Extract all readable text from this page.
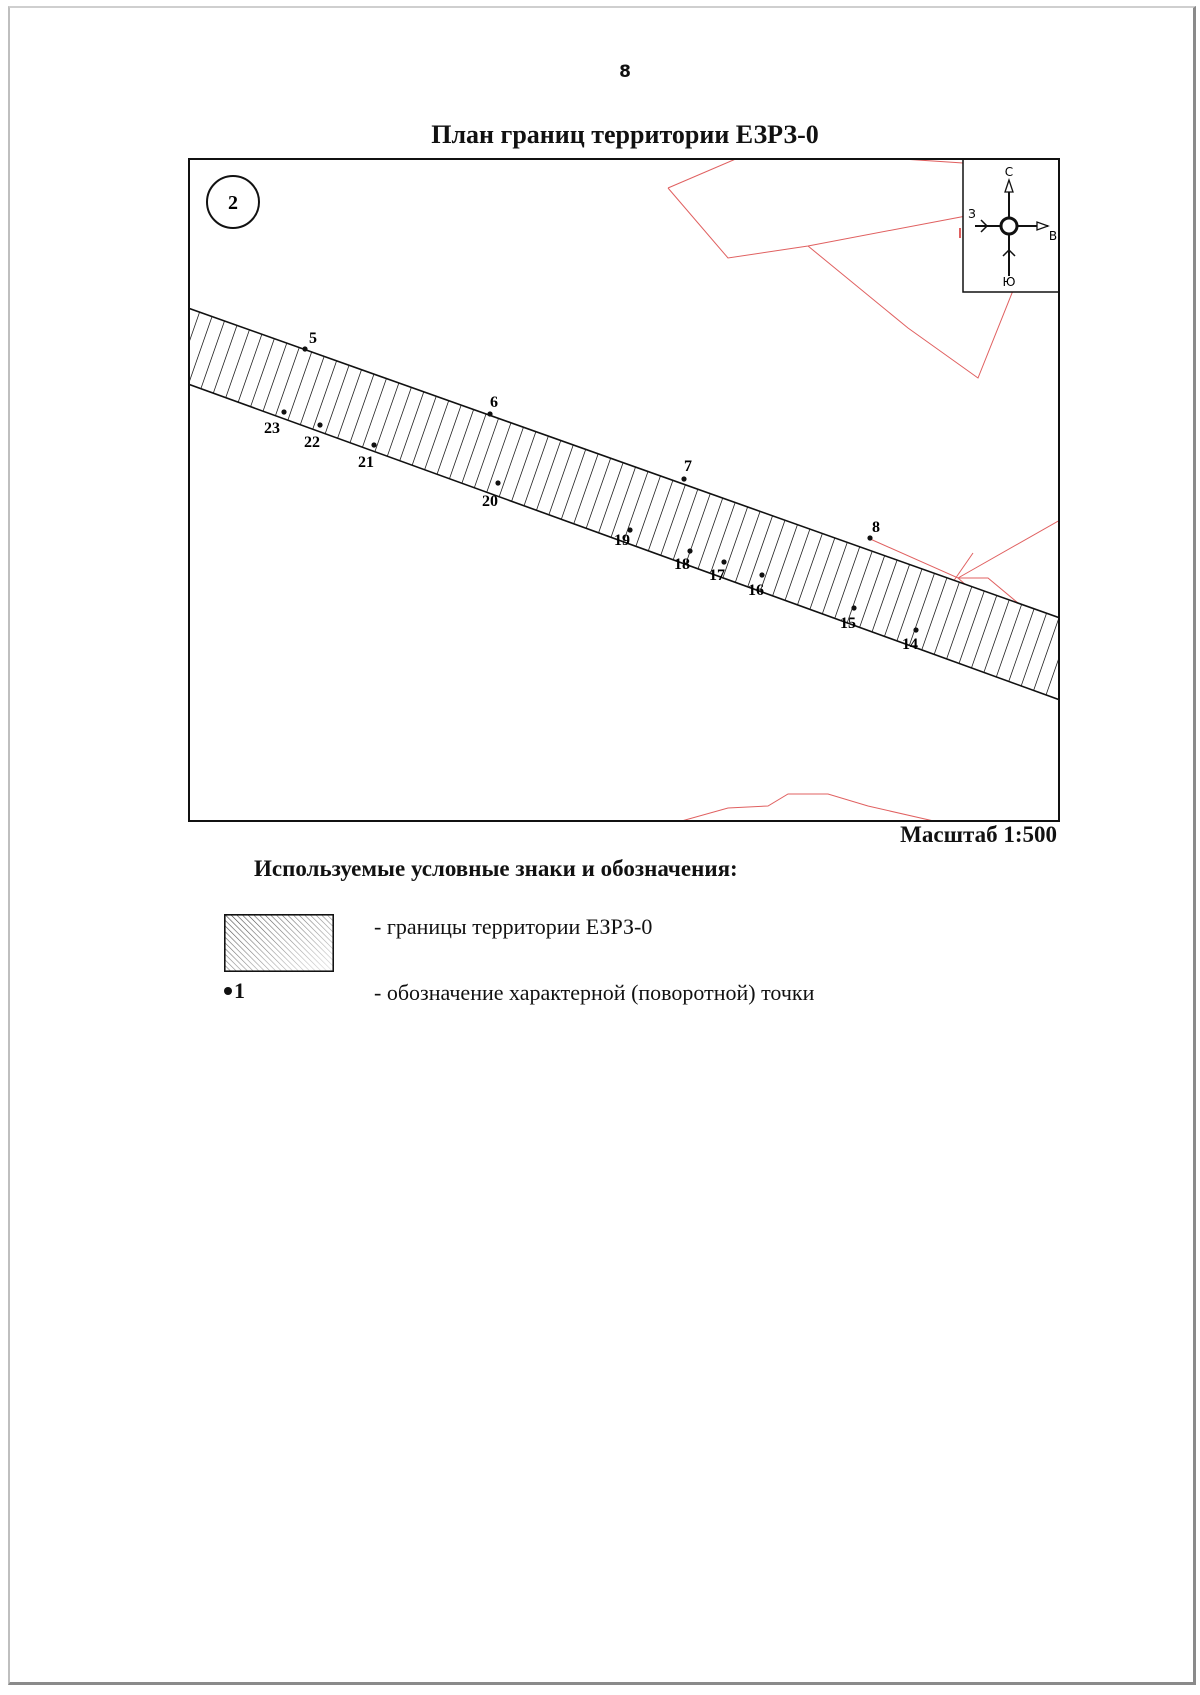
8
План границ территории ЕЗРЗ-0
5
6
7
8
23
22
21
20
19
18
17
16
15
14
2
С
В
З
Ю
Масштаб 1:500
Используемые условные знаки и обозначения:
- границы территории ЕЗРЗ-0
1	- обозначение характерной (поворотной) точки
